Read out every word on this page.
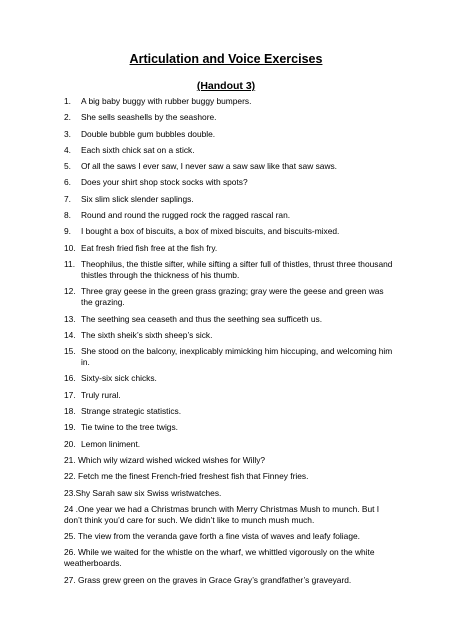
Articulation and Voice Exercises
(Handout 3)
1.	A big baby buggy with rubber buggy bumpers.
2.	She sells seashells by the seashore.
3.	Double bubble gum bubbles double.
4.	Each sixth chick sat on a stick.
5.	Of all the saws I ever saw, I never saw a saw saw like that saw saws.
6.	Does your shirt shop stock socks with spots?
7.	Six slim slick slender saplings.
8.	Round and round the rugged rock the ragged rascal ran.
9.	I bought a box of biscuits, a box of mixed biscuits, and biscuits-mixed.
10. Eat fresh fried fish free at the fish fry.
11. Theophilus, the thistle sifter, while sifting a sifter full of thistles, thrust three thousand thistles through the thickness of his thumb.
12. Three gray geese in the green grass grazing; gray were the geese and green was the grazing.
13. The seething sea ceaseth and thus the seething sea sufficeth us.
14. The sixth sheik’s sixth sheep’s sick.
15. She stood on the balcony, inexplicably mimicking him hiccuping, and welcoming him in.
16. Sixty-six sick chicks.
17. Truly rural.
18. Strange strategic statistics.
19. Tie twine to the tree twigs.
20. Lemon liniment.
21. Which wily wizard wished wicked wishes for Willy?
22. Fetch me the finest French-fried freshest fish that Finney fries.
23.Shy Sarah saw six Swiss wristwatches.
24 .One year we had a Christmas brunch with Merry Christmas Mush to munch. But I don’t think you’d care for such. We didn’t like to munch mush much.
25. The view from the veranda gave forth a fine vista of waves and leafy foliage.
26. While we waited for the whistle on the wharf, we whittled vigorously on the white weatherboards.
27. Grass grew green on the graves in Grace Gray’s grandfather’s graveyard.
